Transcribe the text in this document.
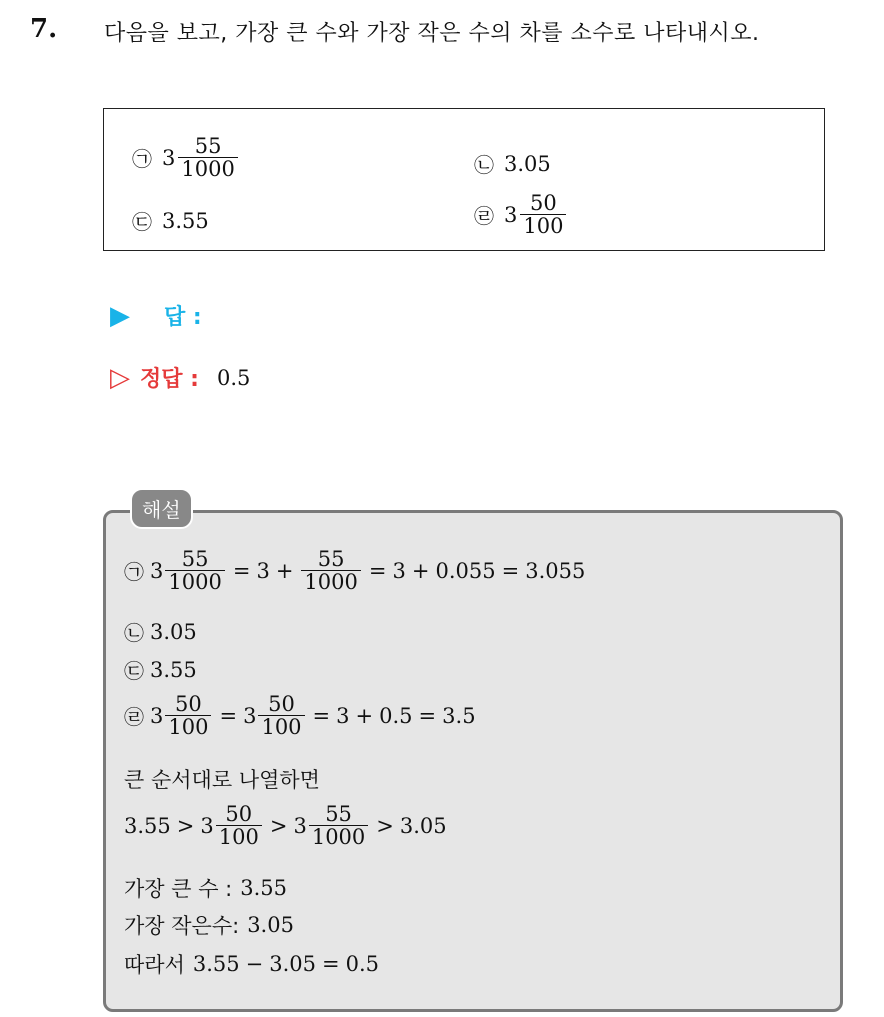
7. 다음을 보고, 가장 큰 수와 가장 작은 수의 차를 소수로 나타내시오.
㉠ $3 \frac{55}{1000}$	㉡ 3.05
㉢ 3.55	㉣ $3 \frac{50}{100}$
▶ 답 :
▷ 정답 : 0.5
해설
㉠ $3 \frac{55}{1000} = 3 + \frac{55}{1000} = 3 + 0.055 = 3.055$
㉡ 3.05
㉢ 3.55
㉣ $3 \frac{50}{100} = 3 \frac{50}{100} = 3 + 0.5 = 3.5$
큰 순서대로 나열하면
$3.55 > 3 \frac{50}{100} > 3 \frac{55}{1000} > 3.05$
가장 큰 수 : 3.55
가장 작은수: 3.05
따라서 3.55 − 3.05 = 0.5
